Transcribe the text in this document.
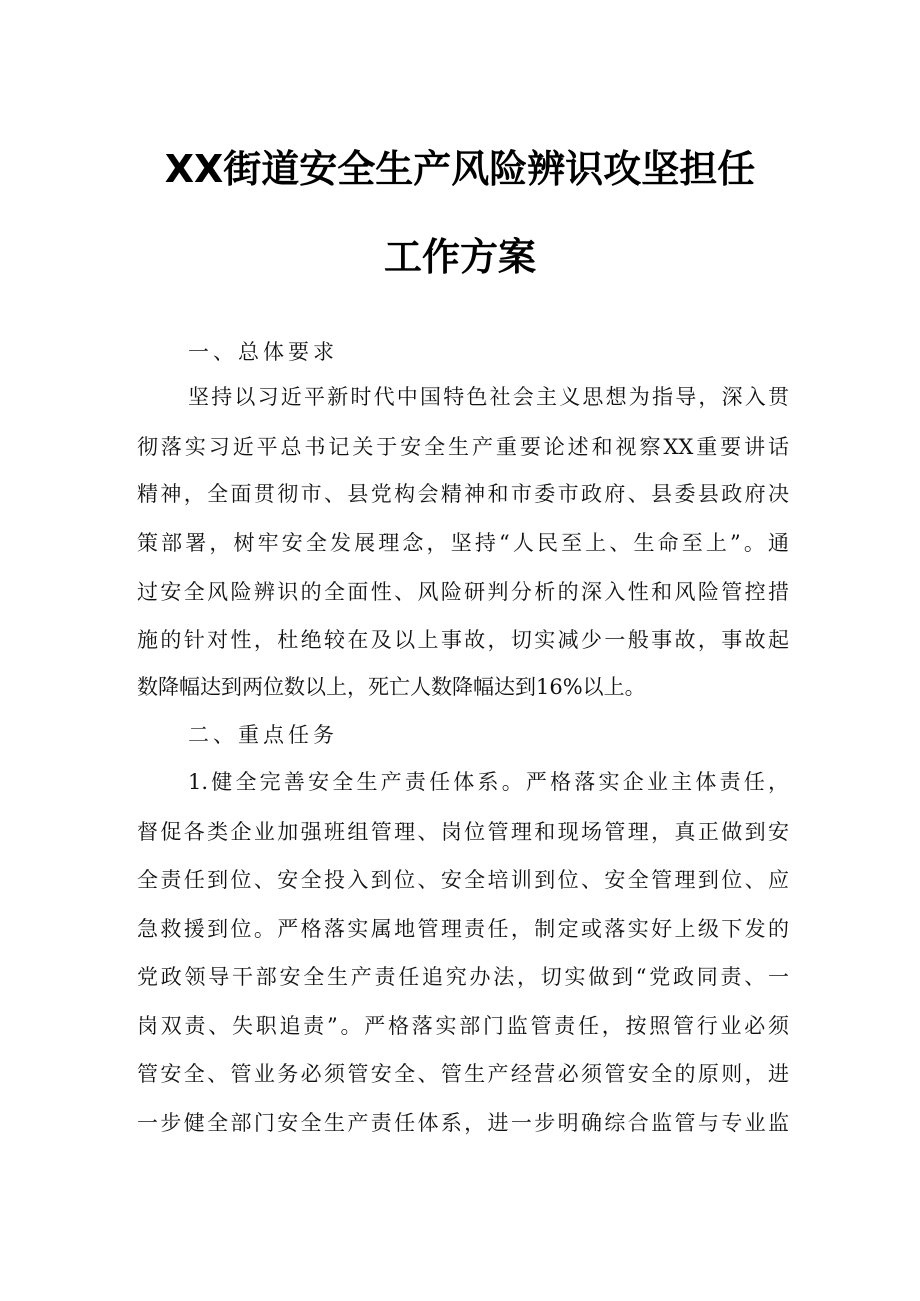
XX街道安全生产风险辨识攻坚担任
工作方案
一、总体要求
坚持以习近平新时代中国特色社会主义思想为指导，深入贯
彻落实习近平总书记关于安全生产重要论述和视察XX重要讲话
精神，全面贯彻市、县党构会精神和市委市政府、县委县政府决
策部署，树牢安全发展理念，坚持“人民至上、生命至上”。通
过安全风险辨识的全面性、风险研判分析的深入性和风险管控措
施的针对性，杜绝较在及以上事故，切实减少一般事故，事故起
数降幅达到两位数以上，死亡人数降幅达到16%以上。
二、重点任务
1.健全完善安全生产责任体系。严格落实企业主体责任，
督促各类企业加强班组管理、岗位管理和现场管理，真正做到安
全责任到位、安全投入到位、安全培训到位、安全管理到位、应
急救援到位。严格落实属地管理责任，制定或落实好上级下发的
党政领导干部安全生产责任追究办法，切实做到“党政同责、一
岗双责、失职追责”。严格落实部门监管责任，按照管行业必须
管安全、管业务必须管安全、管生产经营必须管安全的原则，进
一步健全部门安全生产责任体系，进一步明确综合监管与专业监
